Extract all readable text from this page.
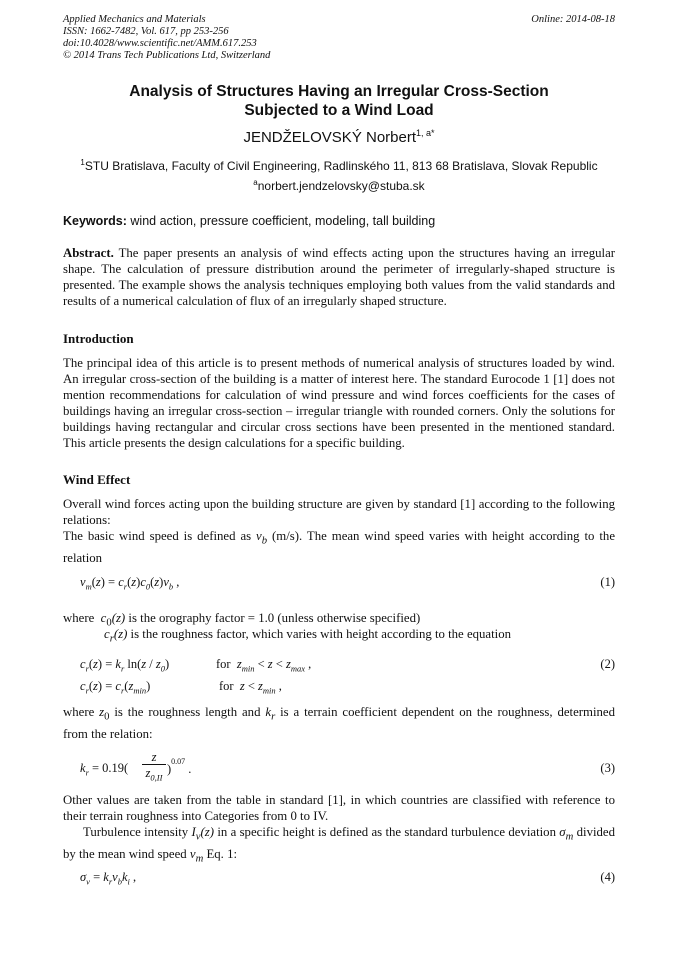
Applied Mechanics and Materials
ISSN: 1662-7482, Vol. 617, pp 253-256
doi:10.4028/www.scientific.net/AMM.617.253
© 2014 Trans Tech Publications Ltd, Switzerland
Online: 2014-08-18
Analysis of Structures Having an Irregular Cross-Section
Subjected to a Wind Load
JENDŽELOVSKÝ Norbert$^{1, a*}$
$^1$STU Bratislava, Faculty of Civil Engineering, Radlinského 11, 813 68 Bratislava, Slovak Republic
$^a$norbert.jendzelovsky@stuba.sk
Keywords: wind action, pressure coefficient, modeling, tall building
Abstract. The paper presents an analysis of wind effects acting upon the structures having an irregular shape. The calculation of pressure distribution around the perimeter of irregularly-shaped structure is presented. The example shows the analysis techniques employing both values from the valid standards and results of a numerical calculation of flux of an irregularly shaped structure.
Introduction
The principal idea of this article is to present methods of numerical analysis of structures loaded by wind. An irregular cross-section of the building is a matter of interest here. The standard Eurocode 1 [1] does not mention recommendations for calculation of wind pressure and wind forces coefficients for the cases of buildings having an irregular cross-section – irregular triangle with rounded corners. Only the solutions for buildings having rectangular and circular cross sections have been presented in the mentioned standard. This article presents the design calculations for a specific building.
Wind Effect
Overall wind forces acting upon the building structure are given by standard [1] according to the following relations:
The basic wind speed is defined as $v_b$ (m/s). The mean wind speed varies with height according to the relation
$v_m(z) = c_r(z)c_0(z)v_b$ ,	(1)
where $c_0(z)$ is the orography factor = 1.0 (unless otherwise specified)
$c_r(z)$ is the roughness factor, which varies with height according to the equation
$c_r(z) = k_r$ $\ln(z / z_0)$	for  $z_{min} < z < z_{max}$ ,	(2)
$c_r(z) = c_r(z_{min})$	for  $z < z_{min}$ ,
where $z_0$ is the roughness length and $k_r$ is a terrain coefficient dependent on the roughness, determined from the relation:
$k_r = 0.19$(
z
$z_{0,II}$
)$^{0.07}$ .	(3)
Other values are taken from the table in standard [1], in which countries are classified with reference to their terrain roughness into Categories from 0 to IV.
Turbulence intensity $I_v(z)$ in a specific height is defined as the standard turbulence deviation $\sigma_m$ divided by the mean wind speed $v_m$ Eq. 1:
$\sigma_v = k_rv_bk_i$ ,	(4)
